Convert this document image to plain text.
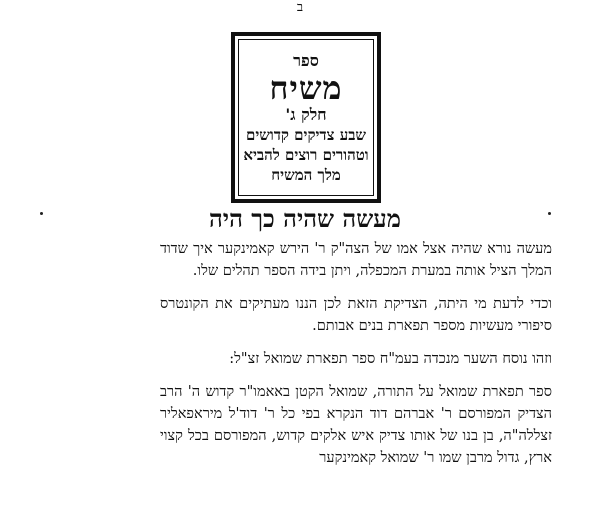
ב
ספר
משיח
חלק ג'
שבע צדיקים קדושים
וטהורים רוצים להביא
מלך המשיח
מעשה שהיה כך היה

מעשה נורא שהיה אצל אמו של הצה"ק ר' הירש קאמינקער איך שדוד המלך הציל אותה במערת המכפלה, ויתן בידה הספר תהלים שלו.

וכדי לדעת מי היתה, הצדיקת הזאת לכן הננו מעתיקים את הקונטרס סיפורי מעשיות מספר תפארת בנים אבותם.

וזהו נוסח השער מנכדה בעמ"ח ספר תפארת שמואל זצ"ל:

ספר תפארת שמואל על התורה, שמואל הקטן באאמו"ר קדוש ה' הרב הצדיק המפורסם ר' אברהם דוד הנקרא בפי כל ר' דוד'ל מיראפאליר זצללה"ה, בן בנו של אותו צדיק איש אלקים קדוש, המפורסם בכל קצוי ארץ, גדול מרבן שמו ר' שמואל קאמינקער
